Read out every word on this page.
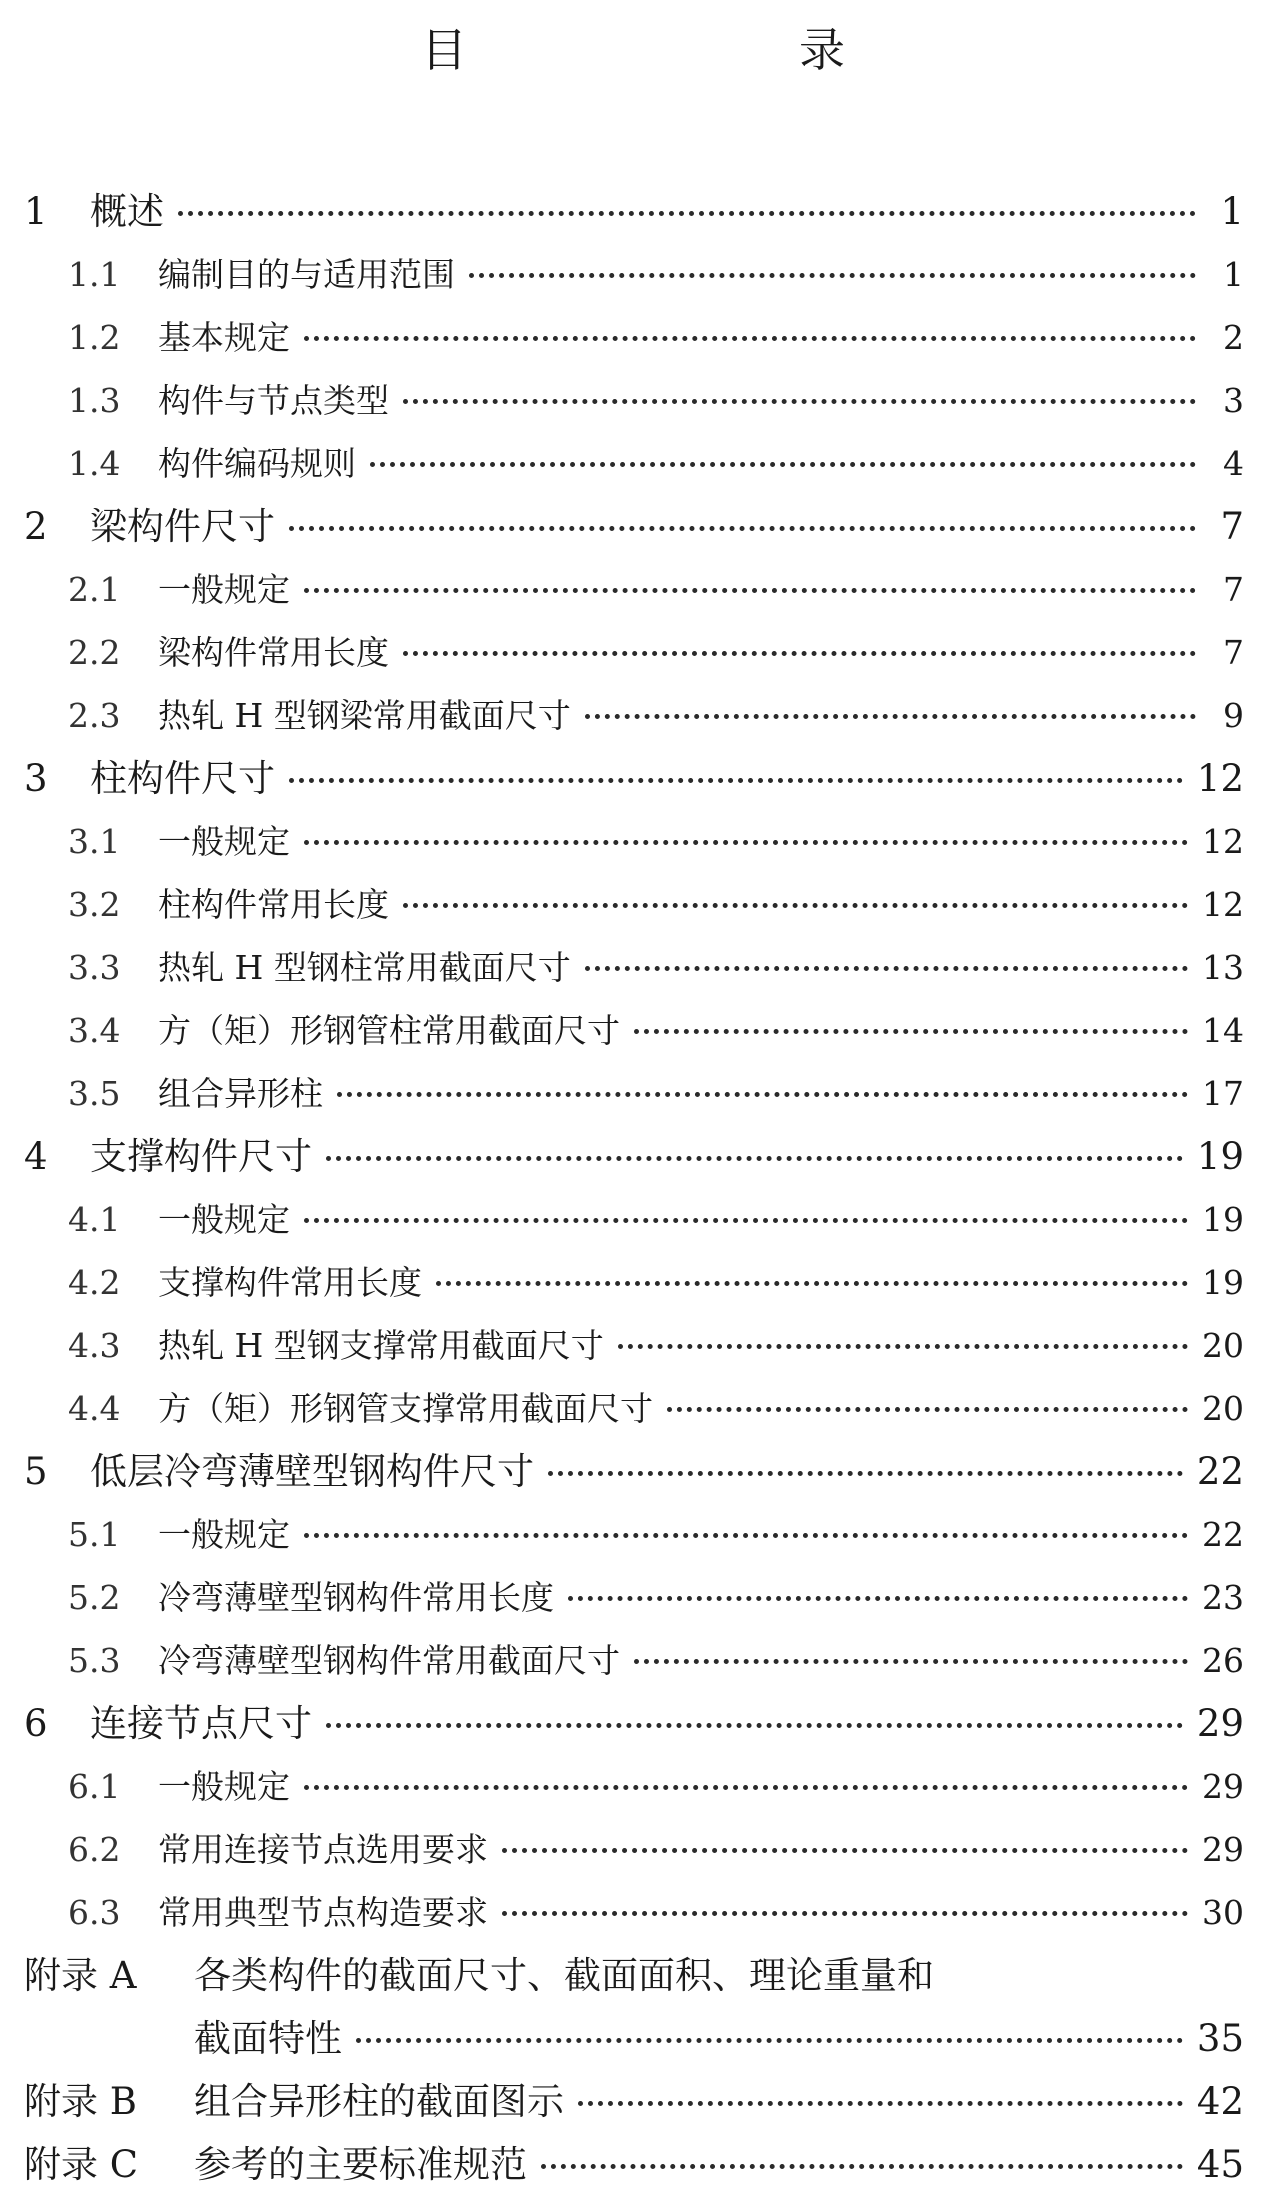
目　　录
1	概述	1
1.1	编制目的与适用范围	1
1.2	基本规定	2
1.3	构件与节点类型	3
1.4	构件编码规则	4
2	梁构件尺寸	7
2.1	一般规定	7
2.2	梁构件常用长度	7
2.3	热轧 H 型钢梁常用截面尺寸	9
3	柱构件尺寸	12
3.1	一般规定	12
3.2	柱构件常用长度	12
3.3	热轧 H 型钢柱常用截面尺寸	13
3.4	方（矩）形钢管柱常用截面尺寸	14
3.5	组合异形柱	17
4	支撑构件尺寸	19
4.1	一般规定	19
4.2	支撑构件常用长度	19
4.3	热轧 H 型钢支撑常用截面尺寸	20
4.4	方（矩）形钢管支撑常用截面尺寸	20
5	低层冷弯薄壁型钢构件尺寸	22
5.1	一般规定	22
5.2	冷弯薄壁型钢构件常用长度	23
5.3	冷弯薄壁型钢构件常用截面尺寸	26
6	连接节点尺寸	29
6.1	一般规定	29
6.2	常用连接节点选用要求	29
6.3	常用典型节点构造要求	30
附录 A	各类构件的截面尺寸、截面面积、理论重量和
截面特性	35
附录 B	组合异形柱的截面图示	42
附录 C	参考的主要标准规范	45
